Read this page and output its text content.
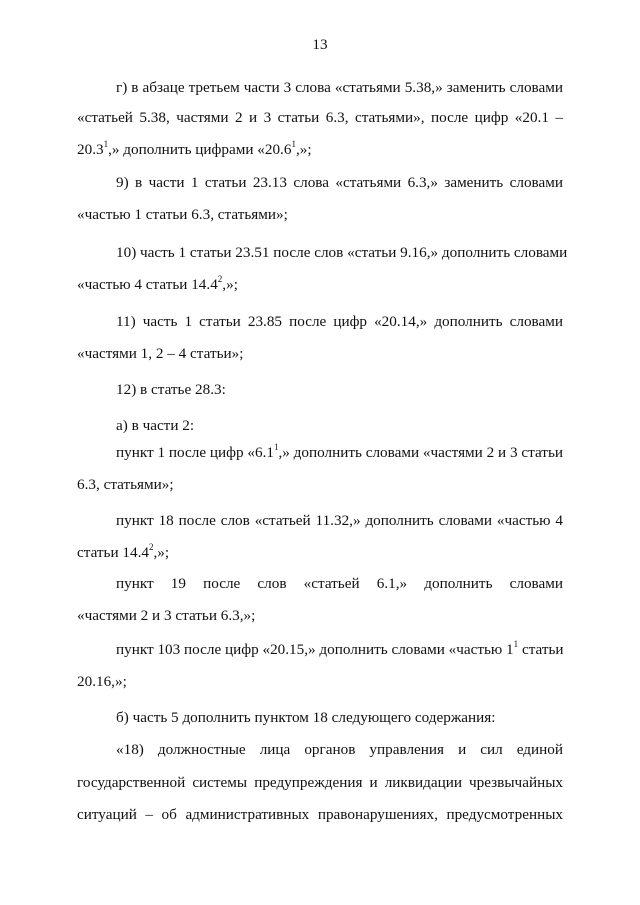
13
г) в абзаце третьем части 3 слова «статьями 5.38,» заменить словами
«статьей 5.38, частями 2 и 3 статьи 6.3, статьями», после цифр «20.1 –
20.3$^1$,» дополнить цифрами «20.6$^1$,»;
9) в части 1 статьи 23.13 слова «статьями 6.3,» заменить словами
«частью 1 статьи 6.3, статьями»;
10) часть 1 статьи 23.51 после слов «статьи 9.16,» дополнить словами
«частью 4 статьи 14.4$^2$,»;
11) часть 1 статьи 23.85 после цифр «20.14,» дополнить словами
«частями 1, 2 – 4 статьи»;
12) в статье 28.3:
а) в части 2:
пункт 1 после цифр «$6.1^1$,» дополнить словами «частями 2 и 3 статьи
6.3, статьями»;
пункт 18 после слов «статьей 11.32,» дополнить словами «частью 4
статьи 14.4$^2$,»;
пункт 19 после слов «статьей 6.1,» дополнить словами
«частями 2 и 3 статьи 6.3,»;
пункт 103 после цифр «20.15,» дополнить словами «частью $1^1$ статьи
20.16,»;
б) часть 5 дополнить пунктом 18 следующего содержания:
«18) должностные лица органов управления и сил единой
государственной системы предупреждения и ликвидации чрезвычайных
ситуаций – об административных правонарушениях, предусмотренных
